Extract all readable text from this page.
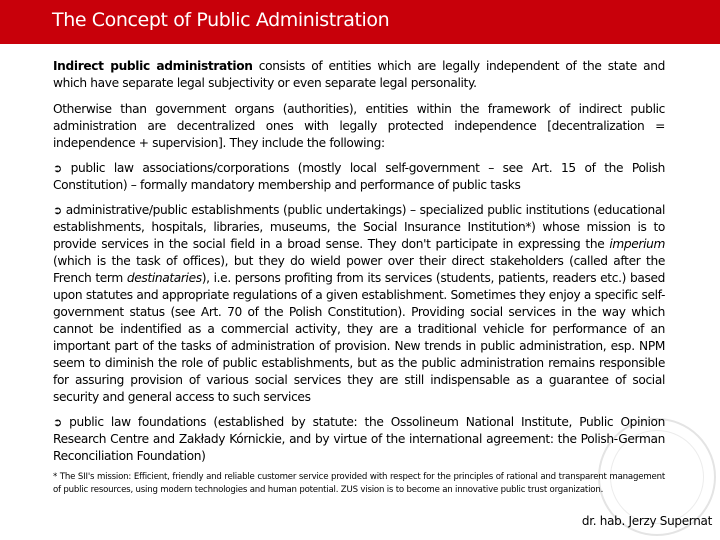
The Concept of Public Administration

Indirect public administration consists of entities which are legally independent of the state and which have separate legal subjectivity or even separate legal personality.

Otherwise than government organs (authorities), entities within the framework of indirect public administration are decentralized ones with legally protected independence [decentralization = independence + supervision]. They include the following:

➲ public law associations/corporations (mostly local self-government – see Art. 15 of the Polish Constitution) – formally mandatory membership and performance of public tasks

➲ administrative/public establishments (public undertakings) – specialized public institutions (educational establishments, hospitals, libraries, museums, the Social Insurance Institution*) whose mission is to provide services in the social field in a broad sense. They don't participate in expressing the imperium (which is the task of offices), but they do wield power over their direct stakeholders (called after the French term destinataries), i.e. persons profiting from its services (students, patients, readers etc.) based upon statutes and appropriate regulations of a given establishment. Sometimes they enjoy a specific self- government status (see Art. 70 of the Polish Constitution). Providing social services in the way which cannot be indentified as a commercial activity, they are a traditional vehicle for performance of an important part of the tasks of administration of provision. New trends in public administration, esp. NPM seem to diminish the role of public establishments, but as the public administration remains responsible for assuring provision of various social services they are still indispensable as a guarantee of social security and general access to such services

➲ public law foundations (established by statute: the Ossolineum National Institute, Public Opinion Research Centre and Zakłady Kórnickie, and by virtue of the international agreement: the Polish-German Reconciliation Foundation)

* The SII's mission: Efficient, friendly and reliable customer service provided with respect for the principles of rational and transparent management of public resources, using modern technologies and human potential. ZUS vision is to become an innovative public trust organization.

dr. hab. Jerzy Supernat
